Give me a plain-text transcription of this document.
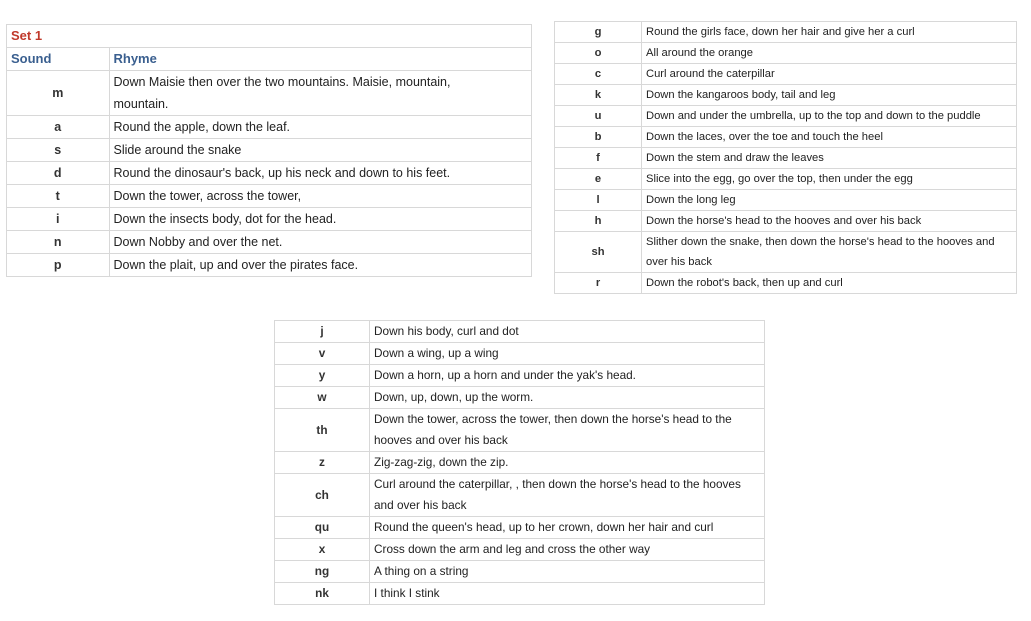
Set 1	
Sound	Rhyme
m	Down Maisie then over the two mountains. Maisie, mountain, mountain.
a	Round the apple, down the leaf.
s	Slide around the snake
d	Round the dinosaur's back, up his neck and down to his feet.
t	Down the tower, across the tower,
i	Down the insects body, dot for the head.
n	Down Nobby and over the net.
p	Down the plait, up and over the pirates face.
g	Round the girls face, down her hair and give her a curl
o	All around the orange
c	Curl around the caterpillar
k	Down the kangaroos body, tail and leg
u	Down and under the umbrella, up to the top and down to the puddle
b	Down the laces, over the toe and touch the heel
f	Down the stem and draw the leaves
e	Slice into the egg, go over the top, then under the egg
l	Down the long leg
h	Down the horse's head to the hooves and over his back
sh	Slither down the snake, then down the horse's head to the hooves and over his back
r	Down the robot's back, then up and curl
j	Down his body, curl and dot
v	Down a wing, up a wing
y	Down a horn, up a horn and under the yak's head.
w	Down, up, down, up the worm.
th	Down the tower, across the tower, then down the horse's head to the hooves and over his back
z	Zig-zag-zig, down the zip.
ch	Curl around the caterpillar, , then down the horse's head to the hooves and over his back
qu	Round the queen's head, up to her crown, down her hair and curl
x	Cross down the arm and leg and cross the other way
ng	A thing on a string
nk	I think I stink
